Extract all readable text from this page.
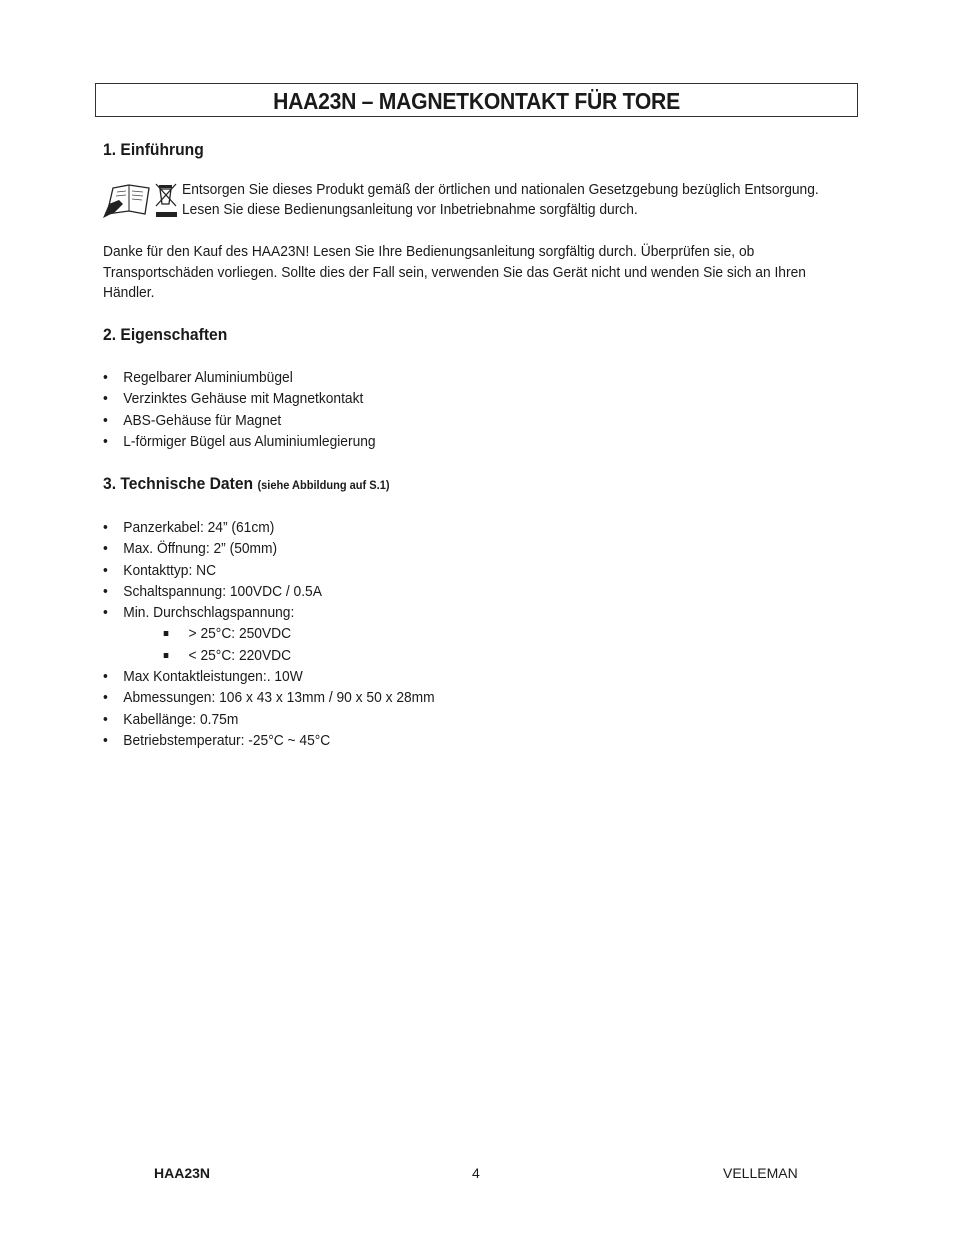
HAA23N – MAGNETKONTAKT FÜR TORE
1. Einführung
Entsorgen Sie dieses Produkt gemäß der örtlichen und nationalen Gesetzgebung bezüglich Entsorgung.
Lesen Sie diese Bedienungsanleitung vor Inbetriebnahme sorgfältig durch.

Danke für den Kauf des HAA23N! Lesen Sie Ihre Bedienungsanleitung sorgfältig durch. Überprüfen sie, ob
Transportschäden vorliegen. Sollte dies der Fall sein, verwenden Sie das Gerät nicht und wenden Sie sich an Ihren
Händler.

2. Eigenschaften
• Regelbarer Aluminiumbügel
• Verzinktes Gehäuse mit Magnetkontakt
• ABS-Gehäuse für Magnet
• L-förmiger Bügel aus Aluminiumlegierung
3. Technische Daten (siehe Abbildung auf S.1)
• Panzerkabel: 24” (61cm)
• Max. Öffnung: 2” (50mm)
• Kontakttyp: NC
• Schaltspannung: 100VDC / 0.5A
• Min. Durchschlagspannung:
> 25°C: 250VDC
< 25°C: 220VDC
• Max Kontaktleistungen:. 10W
• Abmessungen: 106 x 43 x 13mm / 90 x 50 x 28mm
• Kabellänge: 0.75m
• Betriebstemperatur: -25°C ~ 45°C
HAA23N	4	VELLEMAN
